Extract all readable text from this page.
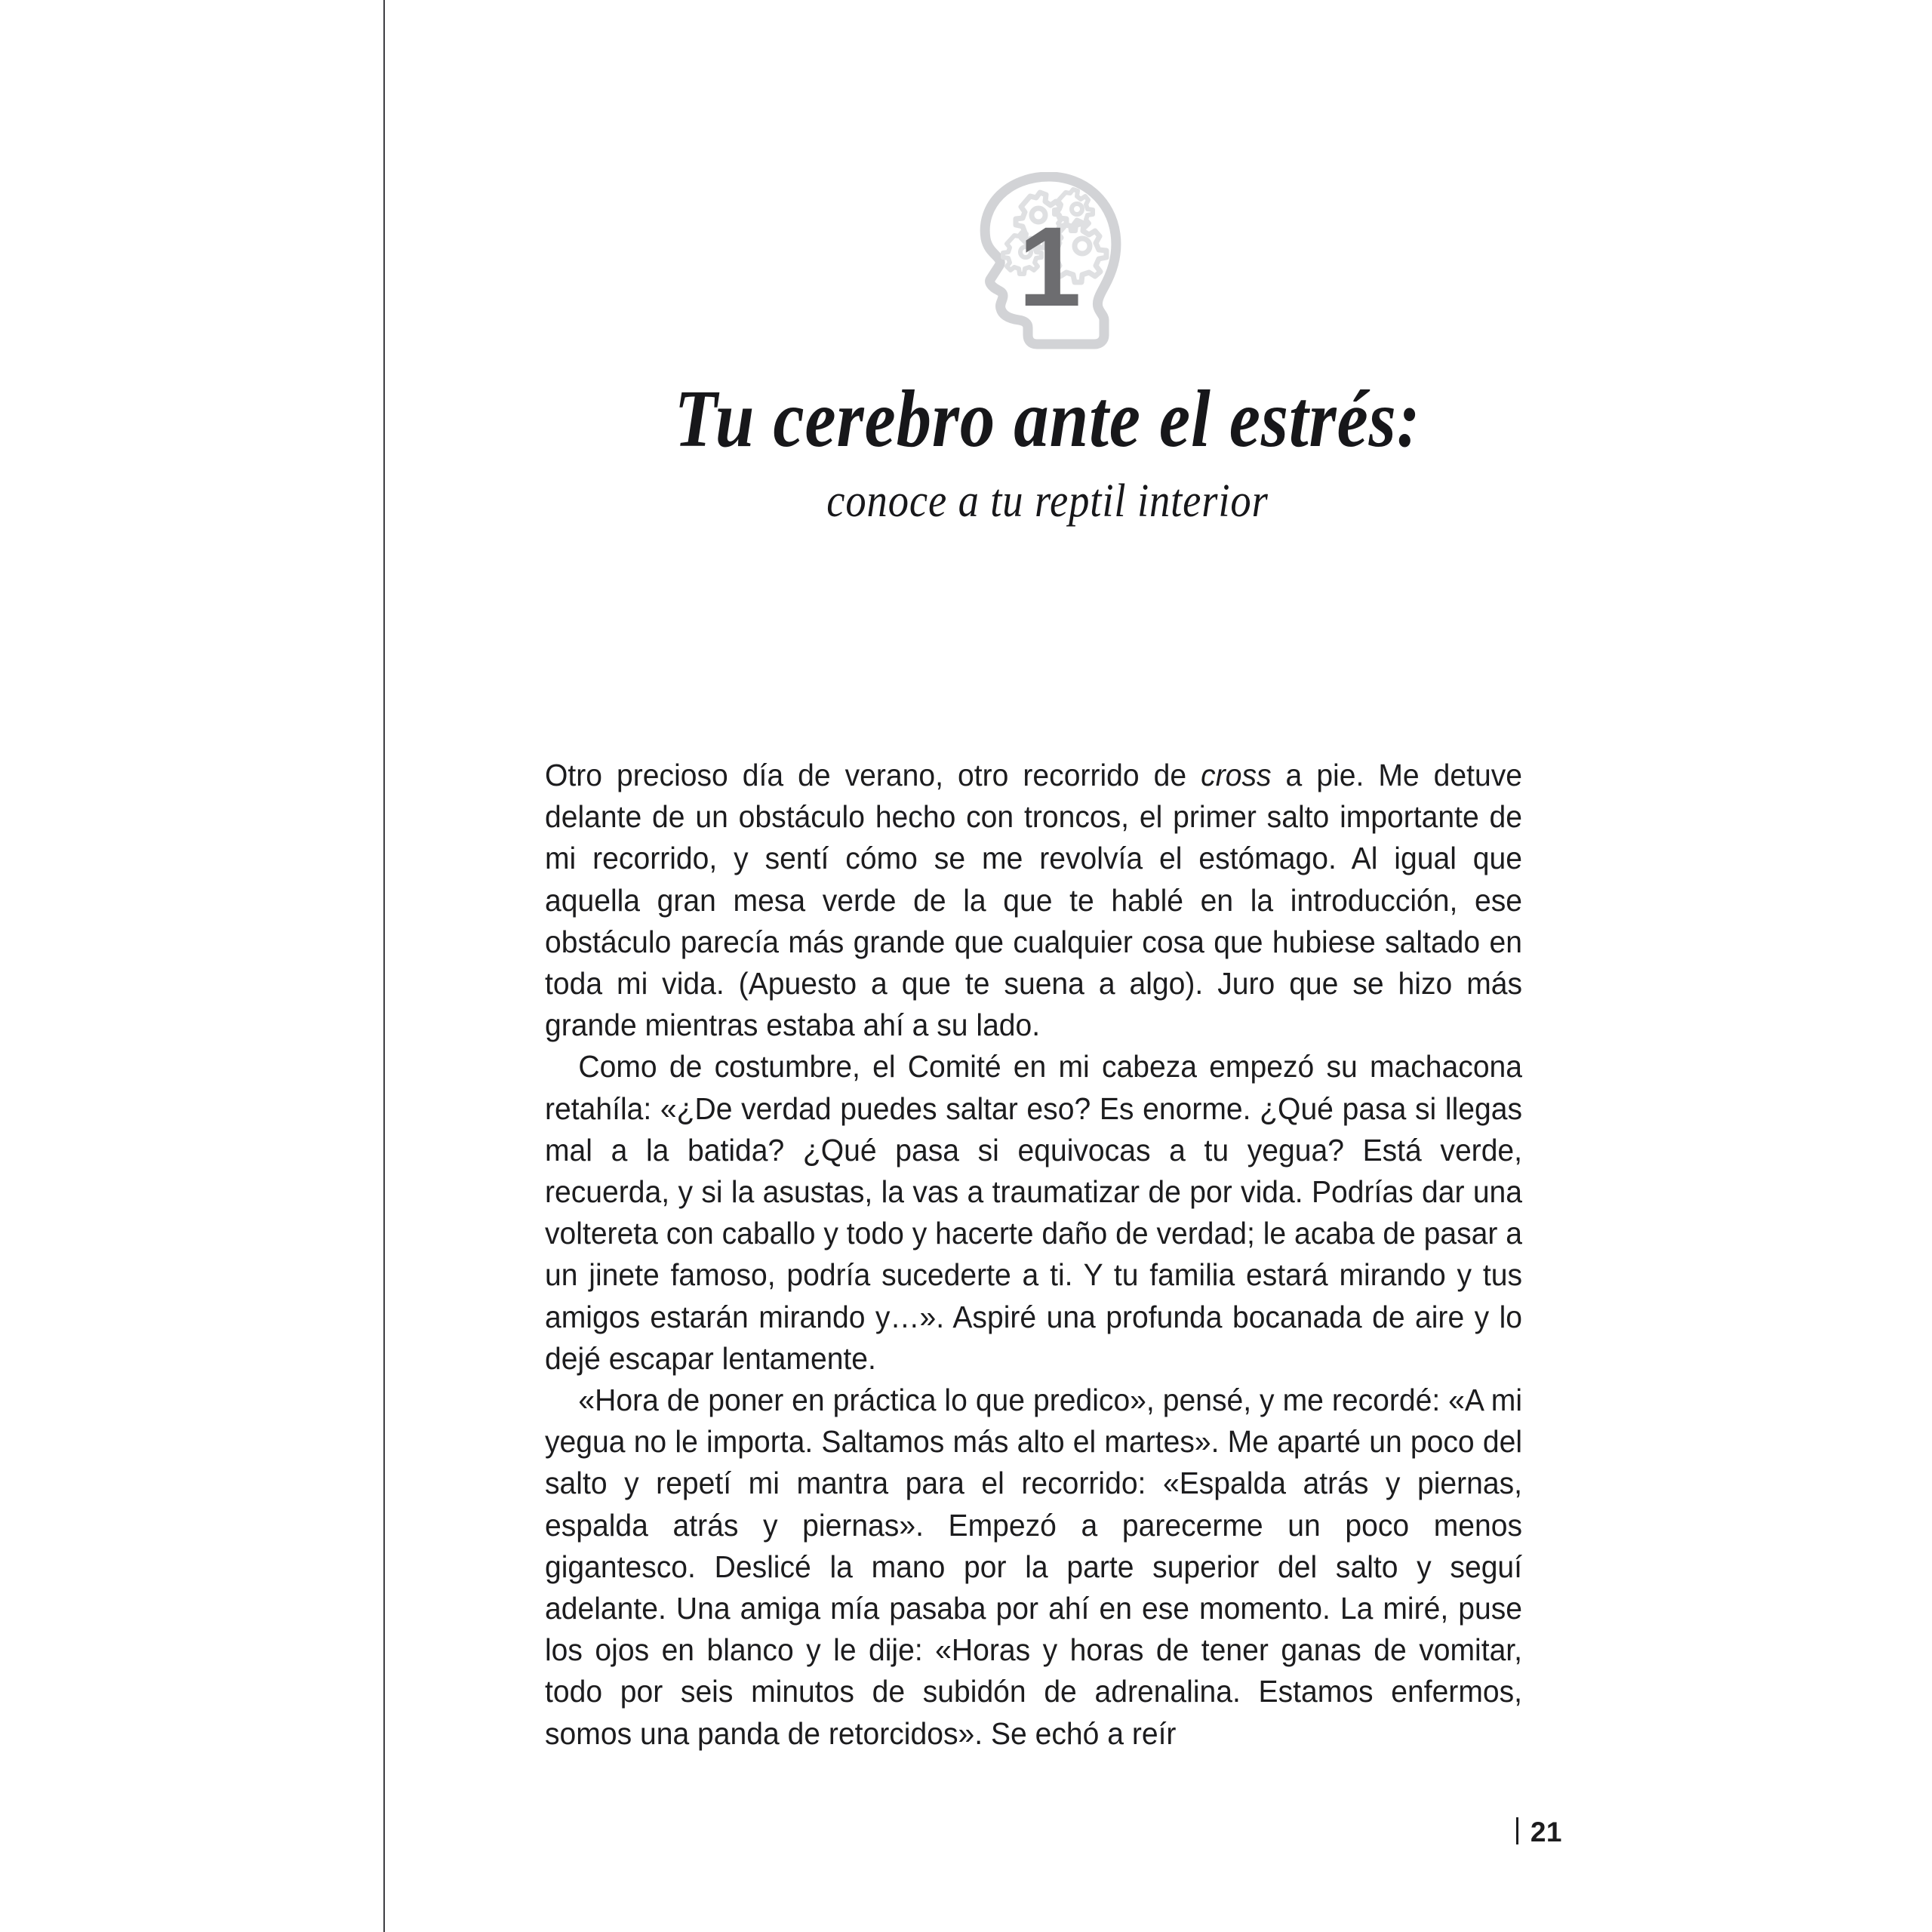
1
Tu cerebro ante el estrés:
conoce a tu reptil interior

Otro precioso día de verano, otro recorrido de cross a pie. Me detuve delante de un obstáculo hecho con troncos, el primer salto importante de mi recorrido, y sentí cómo se me revolvía el estómago. Al igual que aquella gran mesa verde de la que te hablé en la introducción, ese obstáculo parecía más grande que cualquier cosa que hubiese saltado en toda mi vida. (Apuesto a que te suena a algo). Juro que se hizo más grande mientras estaba ahí a su lado.

Como de costumbre, el Comité en mi cabeza empezó su machacona retahíla: «¿De verdad puedes saltar eso? Es enorme. ¿Qué pasa si llegas mal a la batida? ¿Qué pasa si equivocas a tu yegua? Está verde, recuerda, y si la asustas, la vas a traumatizar de por vida. Podrías dar una voltereta con caballo y todo y hacerte daño de verdad; le acaba de pasar a un jinete famoso, podría sucederte a ti. Y tu familia estará mirando y tus amigos estarán mirando y…». Aspiré una profunda bocanada de aire y lo dejé escapar lentamente.

«Hora de poner en práctica lo que predico», pensé, y me recordé: «A mi yegua no le importa. Saltamos más alto el martes». Me aparté un poco del salto y repetí mi mantra para el recorrido: «Espalda atrás y piernas, espalda atrás y piernas». Empezó a parecerme un poco menos gigantesco. Deslicé la mano por la parte superior del salto y seguí adelante. Una amiga mía pasaba por ahí en ese momento. La miré, puse los ojos en blanco y le dije: «Horas y horas de tener ganas de vomitar, todo por seis minutos de subidón de adrenalina. Estamos enfermos, somos una panda de retorcidos». Se echó a reír

21
